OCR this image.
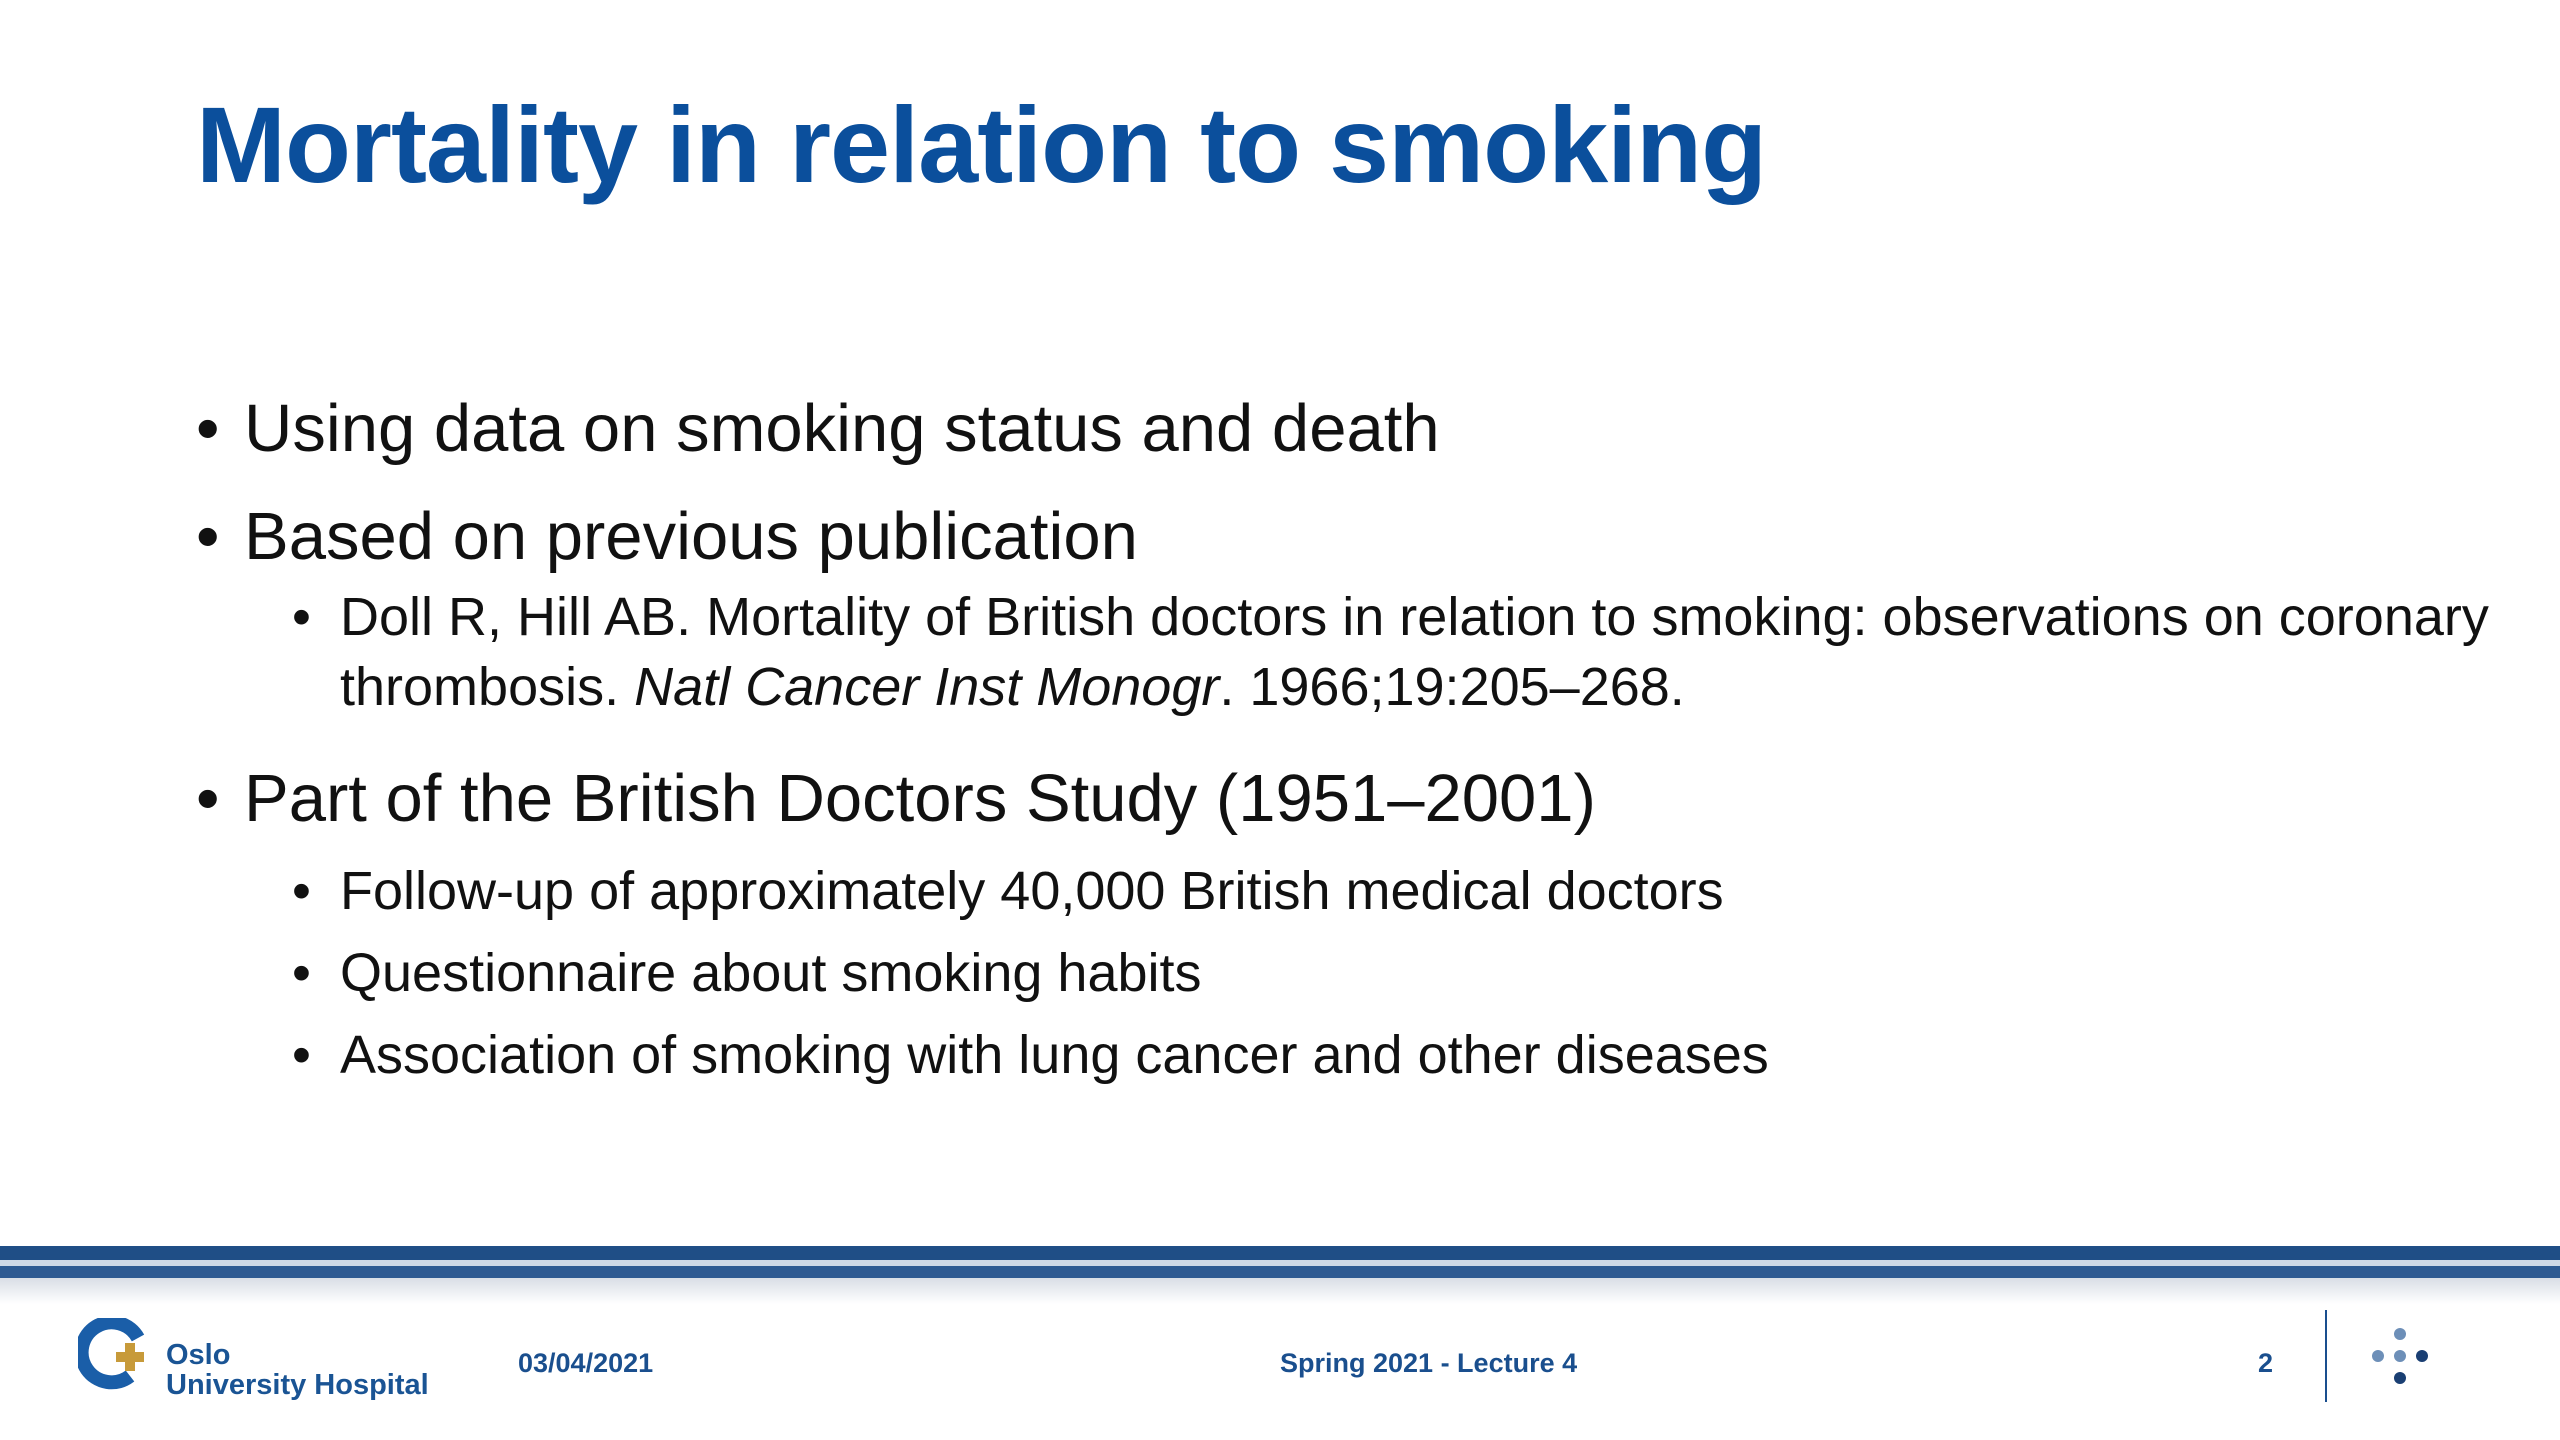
Mortality in relation to smoking
• Using data on smoking status and death
• Based on previous publication
• Doll R, Hill AB. Mortality of British doctors in relation to smoking: observations on coronary thrombosis. Natl Cancer Inst Monogr. 1966;19:205–268.
• Part of the British Doctors Study (1951–2001)
• Follow-up of approximately 40,000 British medical doctors
• Questionnaire about smoking habits
• Association of smoking with lung cancer and other diseases
Oslo
University Hospital
03/04/2021	Spring 2021 - Lecture 4	2
